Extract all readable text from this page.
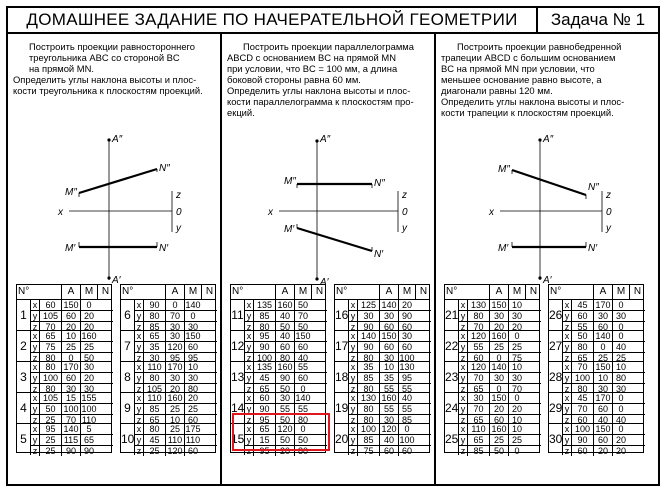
ДОМАШНЕЕ ЗАДАНИЕ ПО НАЧЕРАТЕЛЬНОЙ ГЕОМЕТРИИ	Задача № 1
Построить проекции равностороннего
треугольника ABC со стороной BC
на прямой MN.
Определить углы наклона высоты и плос-
кости треугольника к плоскостям проекций.
A″
A′
M″
N″
M′	N′
x
z
0
y
Построить проекции параллелограмма
ABCD с основанием BC на прямой MN
при условии, что BC = 100 мм, а длина
боковой стороны равна 60 мм.
Определить углы наклона высоты и плос-
кости параллелограмма к плоскостям про-
екций.
A″
A′
M″	N″
M′
N′
x
z
0
y
Построить проекции равнобедренной
трапеции ABCD с большим основанием
BC на прямой MN при условии, что
меньшее основание равно высоте, а
диагонали равны 120 мм.
Определить углы наклона высоты и плос-
кости трапеции к плоскостям проекций.
A″
A′
M″
N″
M′	N′
x
z
0
y
N°	A	M N
1
x 60 150 0
y 105 60 20
z 70	20 20
2
x 65	10 160
y 75	25 25
z 80	0	50
3
x 80 170 30
y 100 60 20
z 80	30 30
4
x 105 15 155
y 50 100 100
z 25	70 110
5
x 95 140 5
y 25 115 65
z 25	90 90
N°	A	M N
6
x 90	0 140
y 80	70	0
z 85	30 30
7
x 65	30 150
y 35 120 60
z 30	95 95
8
x 110 170 10
y 80	30 30
z 105 20 80
9
x 110 160 20
y 85	25 25
z 65	10 60
10
x 80	25 175
y 45 110 110
z 25 120 60
N°	A	M N
11
x 135 160 50
y 85	40 70
z 80	50 50
12
x 95	40 150
y 90	60 60
z 100 80 40
13
x 135 160 55
y 45	90 60
z 65	50	0
14
x 60	30 140
y 90	55 55
z 95	50 80
15
x 65 120 0
y 15	50 50
z 95	20 80
N°	A	M N
16
x 125 140 20
y 30	30 90
z 90	60 60
17
x 140 150 30
y 90	60 60
z 80	30 100
18
x 35	10 130
y 85	35 95
z 80	55 55
19
x 130 160 40
y 80	55 55
z 80	30 85
20
x 100 120 0
y 85	40 100
z 75	60 60
N°	A	M N
21
x 130 150 10
y 80	30 30
z 70	20 20
22
x 120 160 0
y 55	25 25
z 60	0	75
23
x 120 140 10
y 70	30 30
z 65	0	70
24
x 30 150 0
y 70	20 20
z 65	60 10
25
x 110 160 10
y 65	25 25
z 85	50	0
N°	A	M N
26
x 45 170 0
y 60	30 30
z 55	60	0
27
x 50 140 0
y 80	0	40
z 65	25 25
28
x 70 150 10
y 100 10 80
z 80	30 30
29
x 45 170 0
y 70	60	0
z 60	40 40
30
x 100 150 0
y 90	60 20
z 60	20 20
